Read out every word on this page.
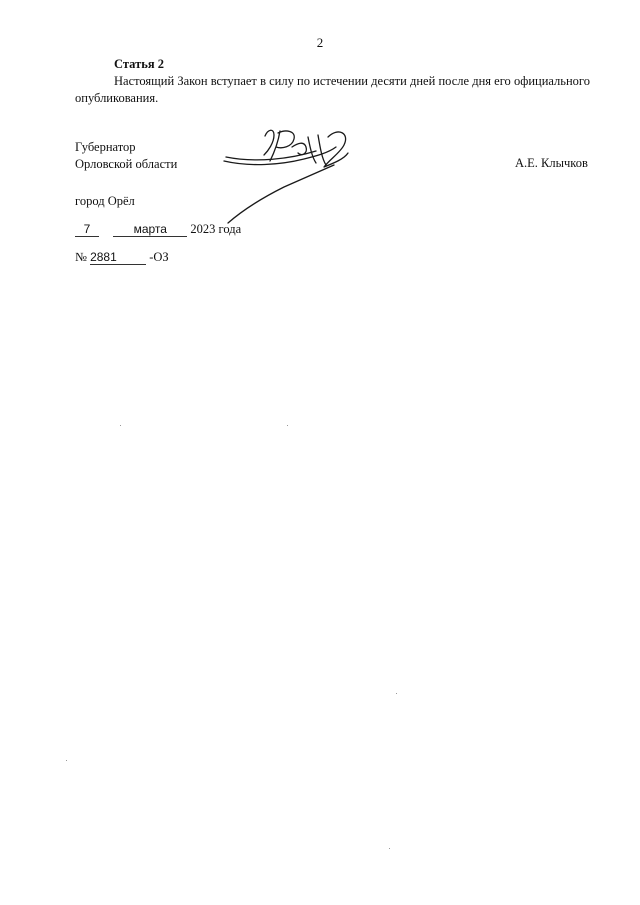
2
Статья 2
Настоящий Закон вступает в силу по истечении десяти дней после дня его официального опубликования.
Губернатор
Орловской области	А.Е. Клычков
город Орёл
7	марта 2023 года
№ 2881	-ОЗ
